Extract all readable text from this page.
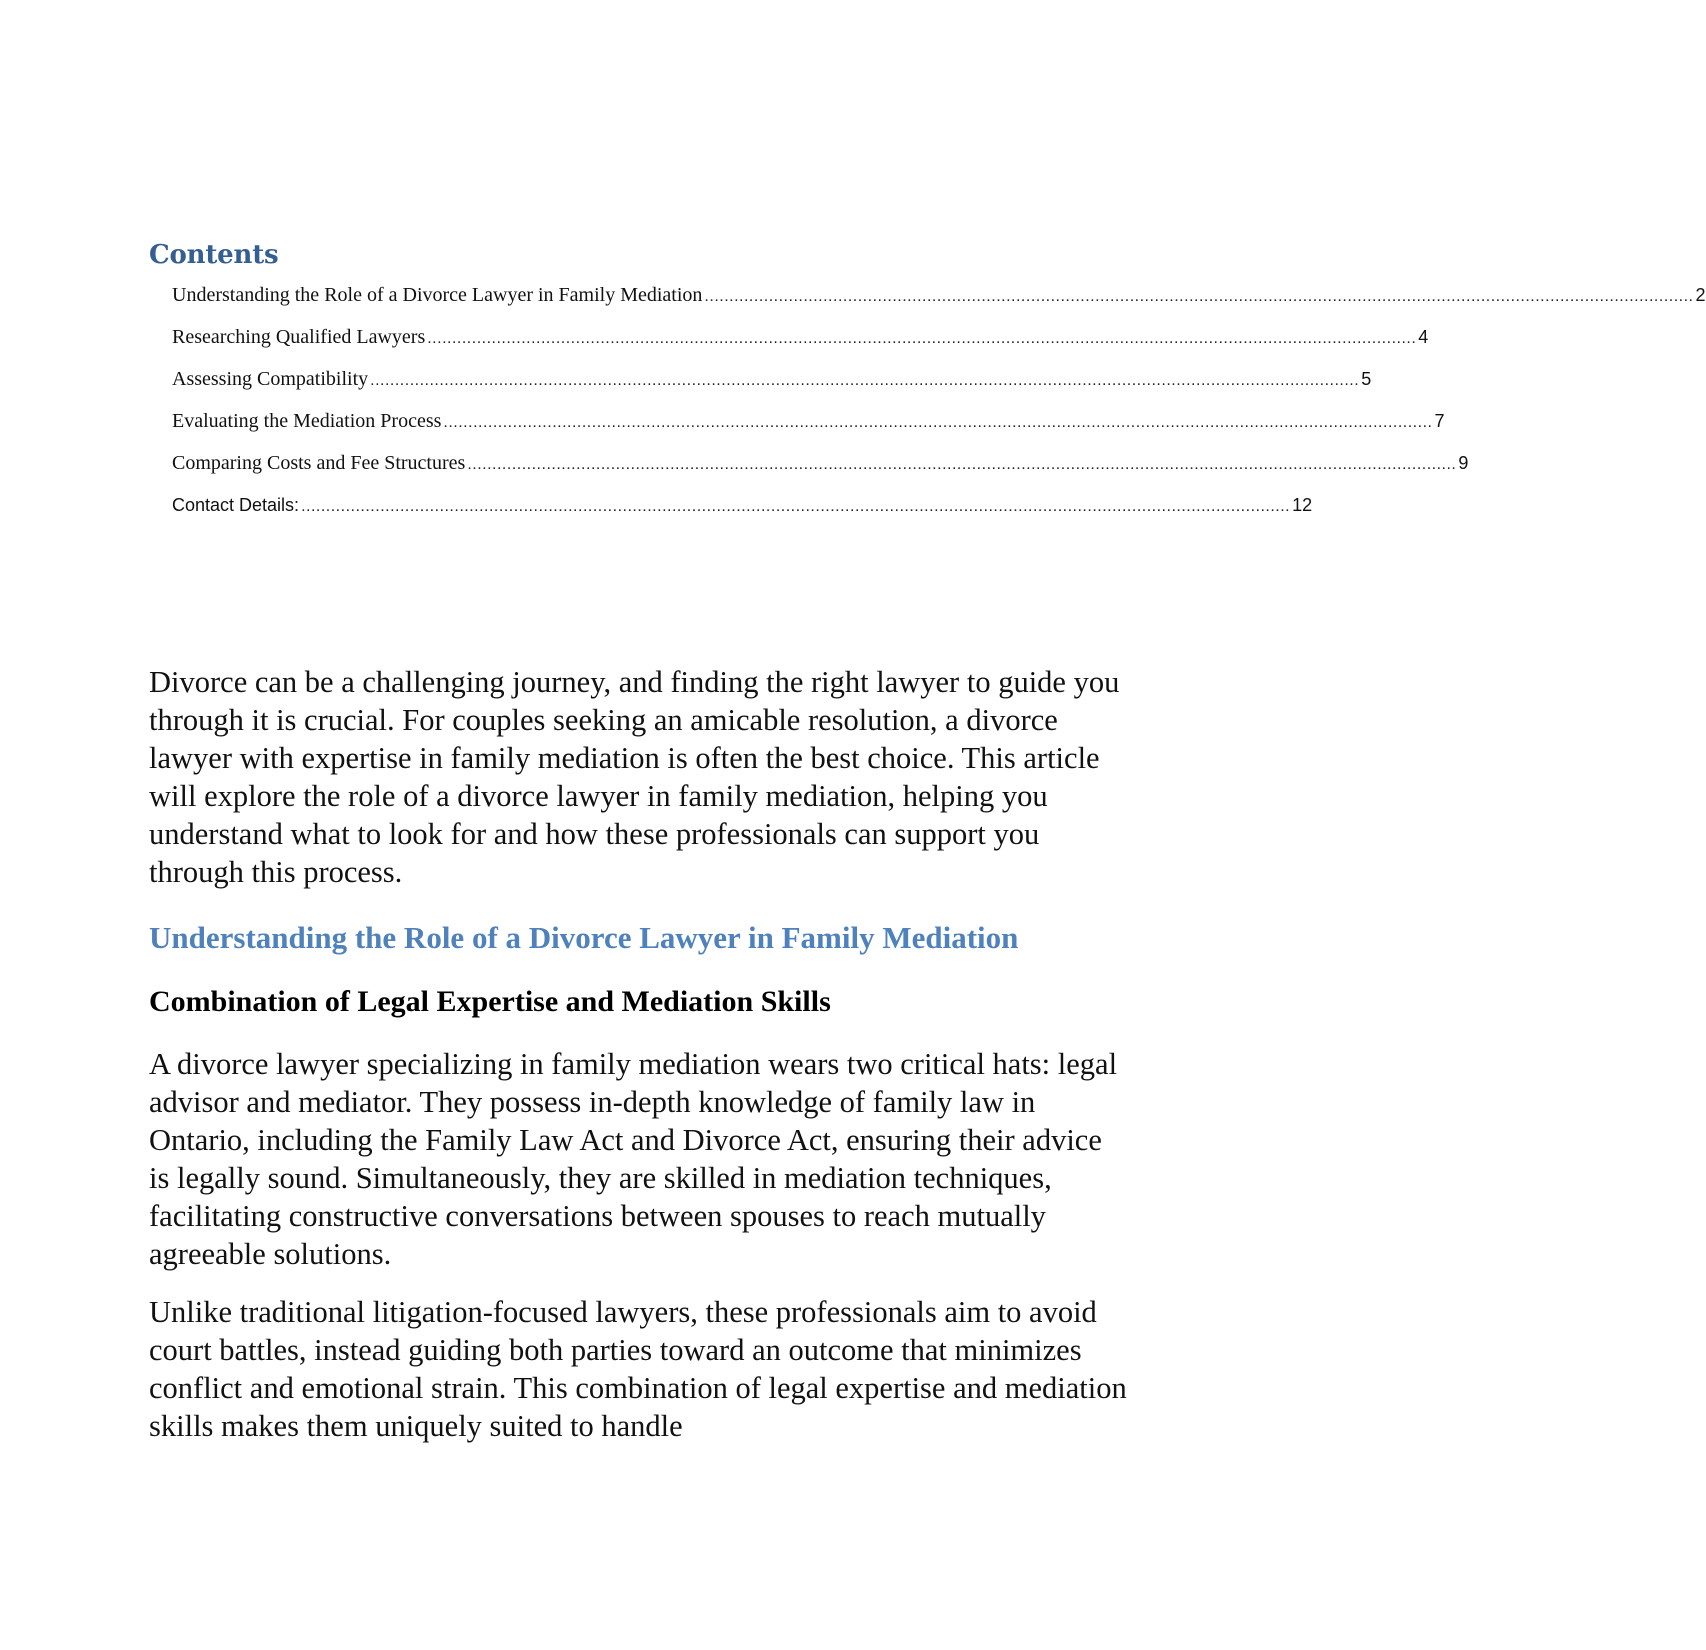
Contents
Understanding the Role of a Divorce Lawyer in Family Mediation ........................................................................................................................................................................................................ 2
Researching Qualified Lawyers ........................................................................................................................................................................................................ 4
Assessing Compatibility ........................................................................................................................................................................................................ 5
Evaluating the Mediation Process ........................................................................................................................................................................................................ 7
Comparing Costs and Fee Structures ........................................................................................................................................................................................................ 9
Contact Details: ........................................................................................................................................................................................................ 12

Divorce can be a challenging journey, and finding the right lawyer to guide you through it is crucial. For couples seeking an amicable resolution, a divorce lawyer with expertise in family mediation is often the best choice. This article will explore the role of a divorce lawyer in family mediation, helping you understand what to look for and how these professionals can support you through this process.

Understanding the Role of a Divorce Lawyer in Family Mediation
Combination of Legal Expertise and Mediation Skills

A divorce lawyer specializing in family mediation wears two critical hats: legal advisor and mediator. They possess in-depth knowledge of family law in Ontario, including the Family Law Act and Divorce Act, ensuring their advice is legally sound. Simultaneously, they are skilled in mediation techniques, facilitating constructive conversations between spouses to reach mutually agreeable solutions.

Unlike traditional litigation-focused lawyers, these professionals aim to avoid court battles, instead guiding both parties toward an outcome that minimizes conflict and emotional strain. This combination of legal expertise and mediation skills makes them uniquely suited to handle
